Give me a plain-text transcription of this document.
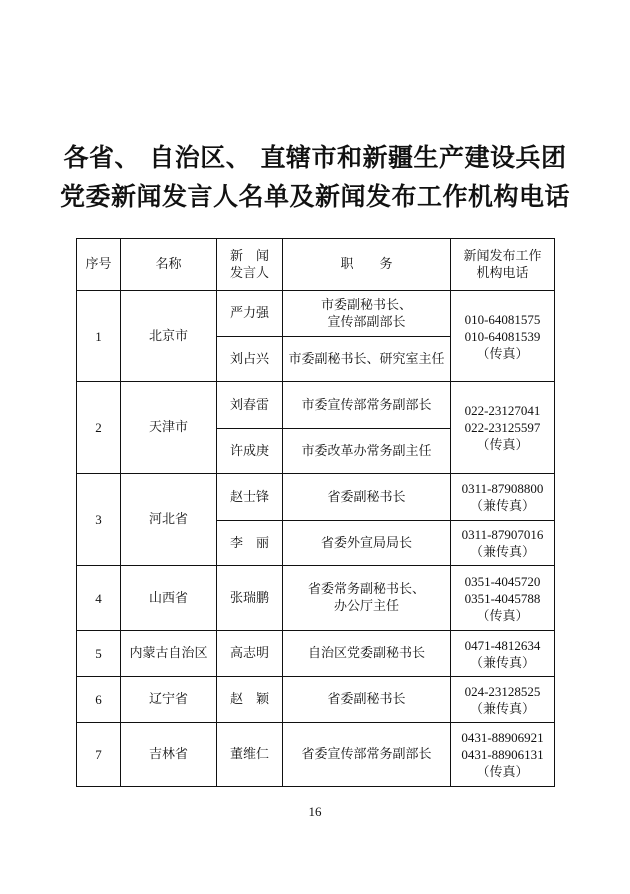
各省、 自治区、 直辖市和新疆生产建设兵团
党委新闻发言人名单及新闻发布工作机构电话
序号	名称	新　闻
发言人	职　　务	新闻发布工作
机构电话

1	北京市	严力强	市委副秘书长、
宣传部副部长	010-64081575
010-64081539
（传真）

		刘占兴	市委副秘书长、研究室主任	

2	天津市	刘春雷	市委宣传部常务副部长	022-23127041
022-23125597
（传真）

		许成庚	市委改革办常务副主任	

3	河北省	赵士锋	省委副秘书长	0311-87908800
（兼传真）

		李　丽	省委外宣局局长	0311-87907016
（兼传真）

4	山西省	张瑞鹏	省委常务副秘书长、
办公厅主任	0351-4045720
0351-4045788
（传真）

5	内蒙古自治区	高志明	自治区党委副秘书长	0471-4812634
（兼传真）

6	辽宁省	赵　颖	省委副秘书长	024-23128525
（兼传真）

7	吉林省	董维仁	省委宣传部常务副部长	0431-88906921
0431-88906131
（传真）
16
